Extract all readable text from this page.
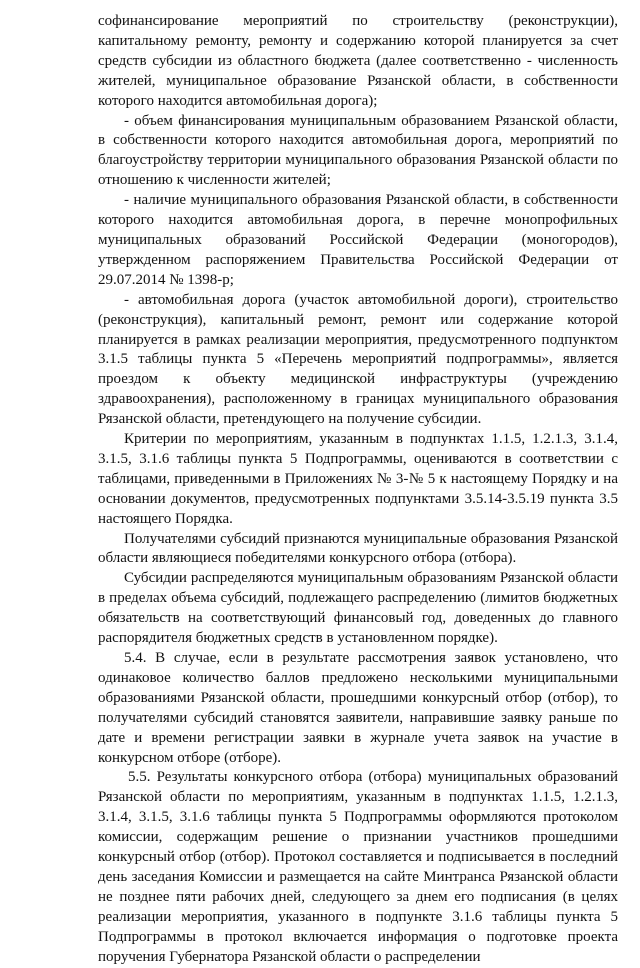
софинансирование мероприятий по строительству (реконструкции), капитальному ремонту, ремонту и содержанию которой планируется за счет средств субсидии из областного бюджета (далее соответственно - численность жителей, муниципальное образование Рязанской области, в собственности которого находится автомобильная дорога);

- объем финансирования муниципальным образованием Рязанской области, в собственности которого находится автомобильная дорога, мероприятий по благоустройству территории муниципального образования Рязанской области по отношению к численности жителей;

- наличие муниципального образования Рязанской области, в собственности которого находится автомобильная дорога, в перечне монопрофильных муниципальных образований Российской Федерации (моногородов), утвержденном распоряжением Правительства Российской Федерации от 29.07.2014 № 1398-р;

- автомобильная дорога (участок автомобильной дороги), строительство (реконструкция), капитальный ремонт, ремонт или содержание которой планируется в рамках реализации мероприятия, предусмотренного подпунктом 3.1.5 таблицы пункта 5 «Перечень мероприятий подпрограммы», является проездом к объекту медицинской инфраструктуры (учреждению здравоохранения), расположенному в границах муниципального образования Рязанской области, претендующего на получение субсидии.

Критерии по мероприятиям, указанным в подпунктах 1.1.5, 1.2.1.3, 3.1.4, 3.1.5, 3.1.6 таблицы пункта 5 Подпрограммы, оцениваются в соответствии с таблицами, приведенными в Приложениях № 3-№ 5 к настоящему Порядку и на основании документов, предусмотренных подпунктами 3.5.14-3.5.19 пункта 3.5 настоящего Порядка.

Получателями субсидий признаются муниципальные образования Рязанской области являющиеся победителями конкурсного отбора (отбора).

Субсидии распределяются муниципальным образованиям Рязанской области в пределах объема субсидий, подлежащего распределению (лимитов бюджетных обязательств на соответствующий финансовый год, доведенных до главного распорядителя бюджетных средств в установленном порядке).

5.4. В случае, если в результате рассмотрения заявок установлено, что одинаковое количество баллов предложено несколькими муниципальными образованиями Рязанской области, прошедшими конкурсный отбор (отбор), то получателями субсидий становятся заявители, направившие заявку раньше по дате и времени регистрации заявки в журнале учета заявок на участие в конкурсном отборе (отборе).

5.5. Результаты конкурсного отбора (отбора) муниципальных образований Рязанской области по мероприятиям, указанным в подпунктах 1.1.5, 1.2.1.3, 3.1.4, 3.1.5, 3.1.6 таблицы пункта 5 Подпрограммы оформляются протоколом комиссии, содержащим решение о признании участников прошедшими конкурсный отбор (отбор). Протокол составляется и подписывается в последний день заседания Комиссии и размещается на сайте Минтранса Рязанской области не позднее пяти рабочих дней, следующего за днем его подписания (в целях реализации мероприятия, указанного в подпункте 3.1.6 таблицы пункта 5 Подпрограммы в протокол включается информация о подготовке проекта поручения Губернатора Рязанской области о распределении
